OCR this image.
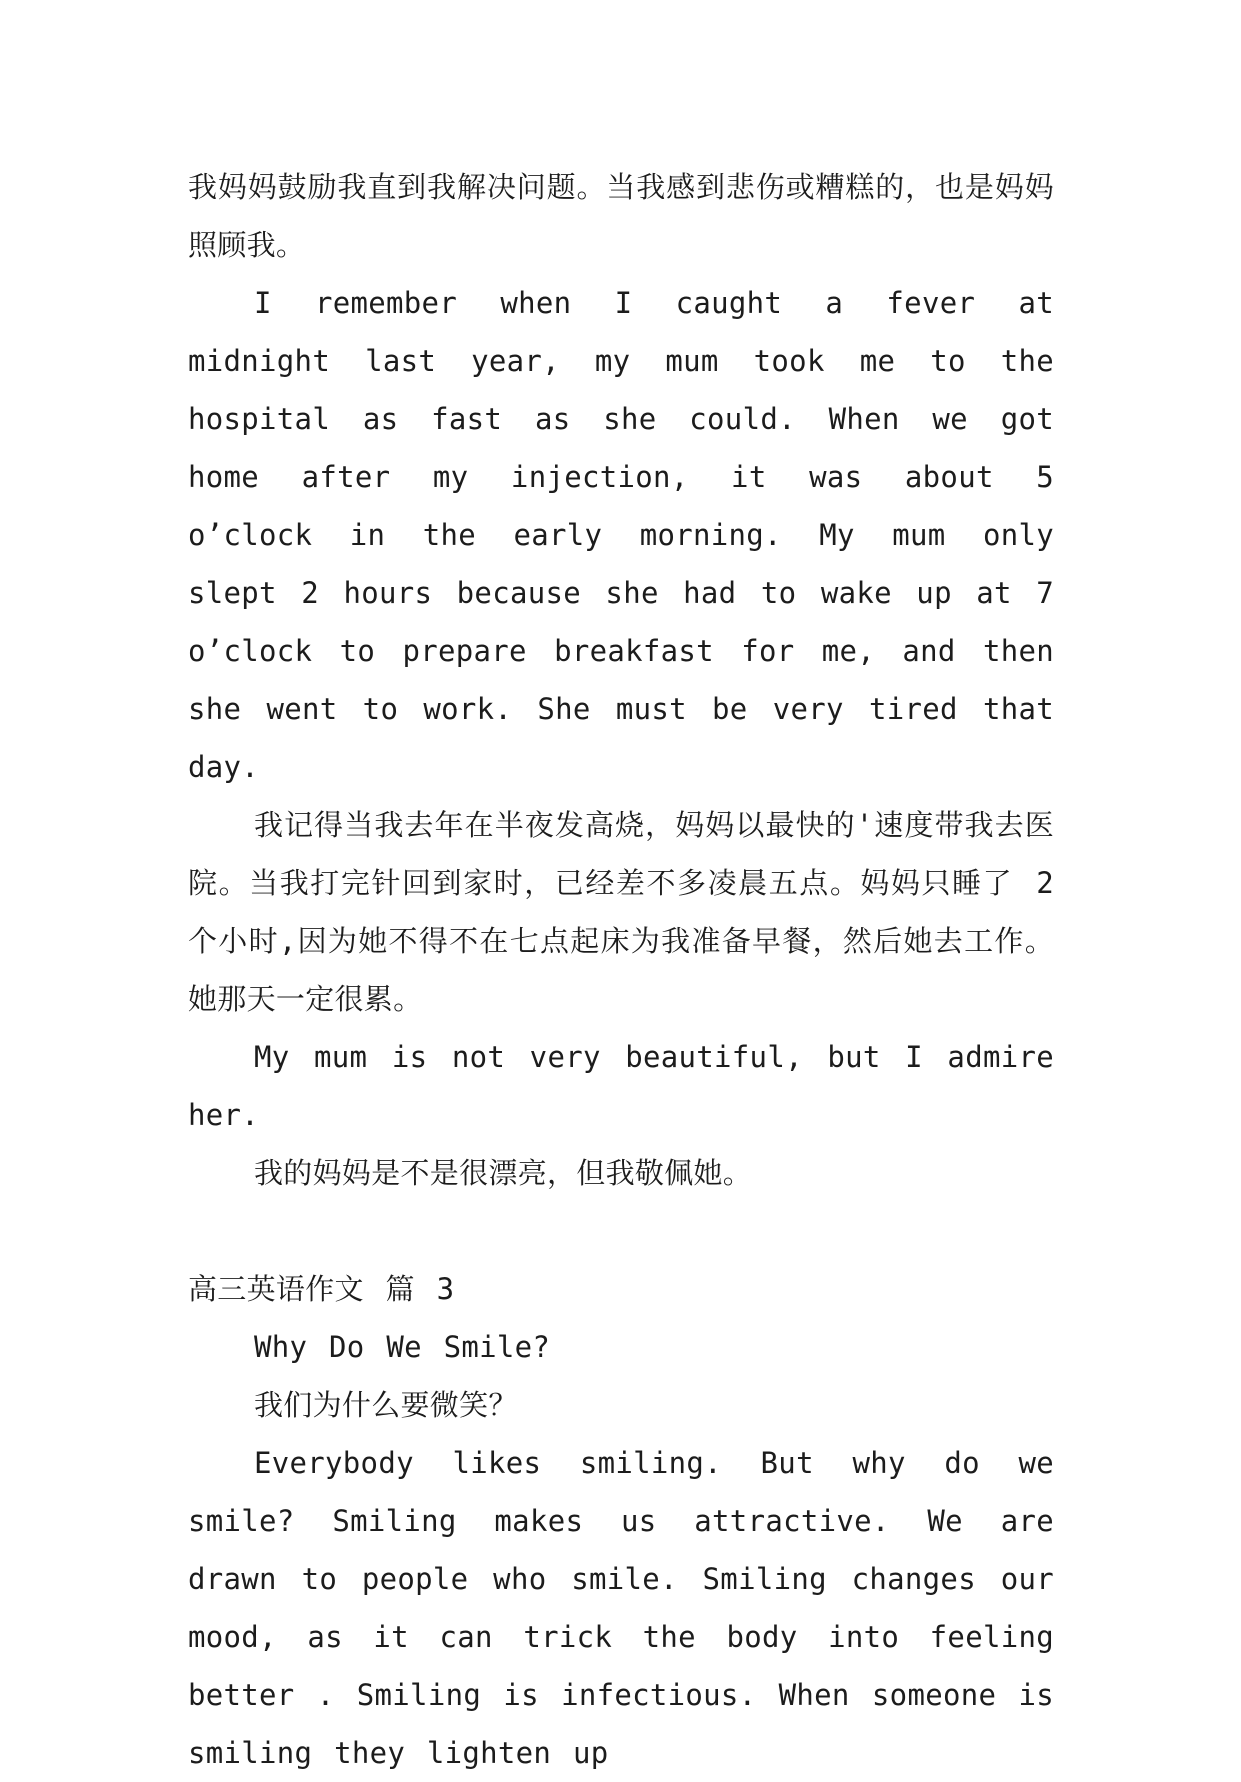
我妈妈鼓励我直到我解决问题。当我感到悲伤或糟糕的，也是妈妈照顾我。

I remember when I caught a fever at midnight last year, my mum took me to the hospital as fast as she could. When we got home after my injection, it was about 5 o’clock in the early morning. My mum only slept 2 hours because she had to wake up at 7 o’clock to prepare breakfast for me, and then she went to work. She must be very tired that day.

我记得当我去年在半夜发高烧，妈妈以最快的'速度带我去医院。当我打完针回到家时，已经差不多凌晨五点。妈妈只睡了 2 个小时,因为她不得不在七点起床为我准备早餐，然后她去工作。她那天一定很累。

My mum is not very beautiful, but I admire her.

我的妈妈是不是很漂亮，但我敬佩她。

高三英语作文 篇 3

Why Do We Smile?

我们为什么要微笑？

Everybody likes smiling. But why do we smile? Smiling makes us attractive. We are drawn to people who smile. Smiling changes our mood, as it can trick the body into feeling better . Smiling is infectious. When someone is smiling they lighten up
